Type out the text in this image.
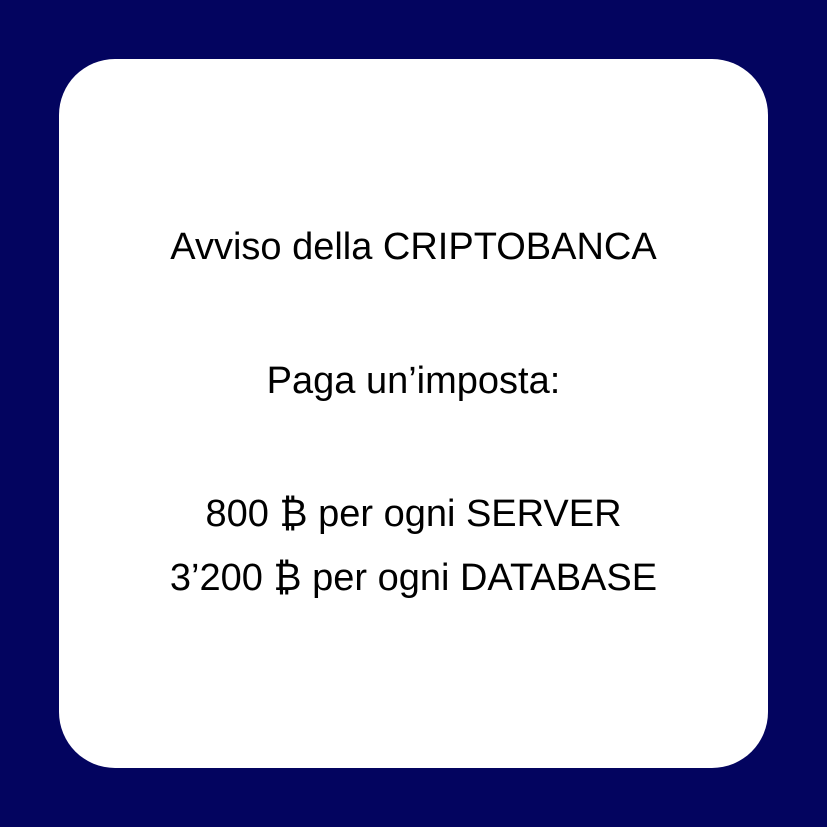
Avviso della CRIPTOBANCA
Paga un’imposta:
800 ₿ per ogni SERVER
3’200 ₿ per ogni DATABASE
